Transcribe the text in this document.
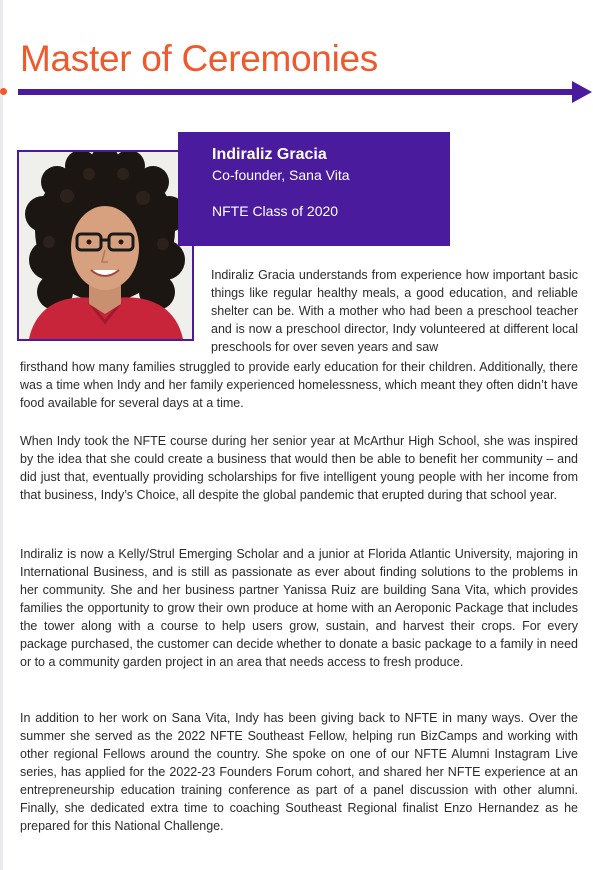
Master of Ceremonies
Indiraliz Gracia
Co-founder, Sana Vita
NFTE Class of 2020

Indiraliz Gracia understands from experience how important basic things like regular healthy meals, a good education, and reliable shelter can be. With a mother who had been a preschool teacher and is now a preschool director, Indy volunteered at different local preschools for over seven years and saw

firsthand how many families struggled to provide early education for their children. Additionally, there was a time when Indy and her family experienced homelessness, which meant they often didn’t have food available for several days at a time.

When Indy took the NFTE course during her senior year at McArthur High School, she was inspired by the idea that she could create a business that would then be able to benefit her community – and did just that, eventually providing scholarships for five intelligent young people with her income from that business, Indy’s Choice, all despite the global pandemic that erupted during that school year.

Indiraliz is now a Kelly/Strul Emerging Scholar and a junior at Florida Atlantic University, majoring in International Business, and is still as passionate as ever about finding solutions to the problems in her community. She and her business partner Yanissa Ruiz are building Sana Vita, which provides families the opportunity to grow their own produce at home with an Aeroponic Package that includes the tower along with a course to help users grow, sustain, and harvest their crops. For every package purchased, the customer can decide whether to donate a basic package to a family in need or to a community garden project in an area that needs access to fresh produce.

In addition to her work on Sana Vita, Indy has been giving back to NFTE in many ways. Over the summer she served as the 2022 NFTE Southeast Fellow, helping run BizCamps and working with other regional Fellows around the country. She spoke on one of our NFTE Alumni Instagram Live series, has applied for the 2022-23 Founders Forum cohort, and shared her NFTE experience at an entrepreneurship education training conference as part of a panel discussion with other alumni. Finally, she dedicated extra time to coaching Southeast Regional finalist Enzo Hernandez as he prepared for this National Challenge.
